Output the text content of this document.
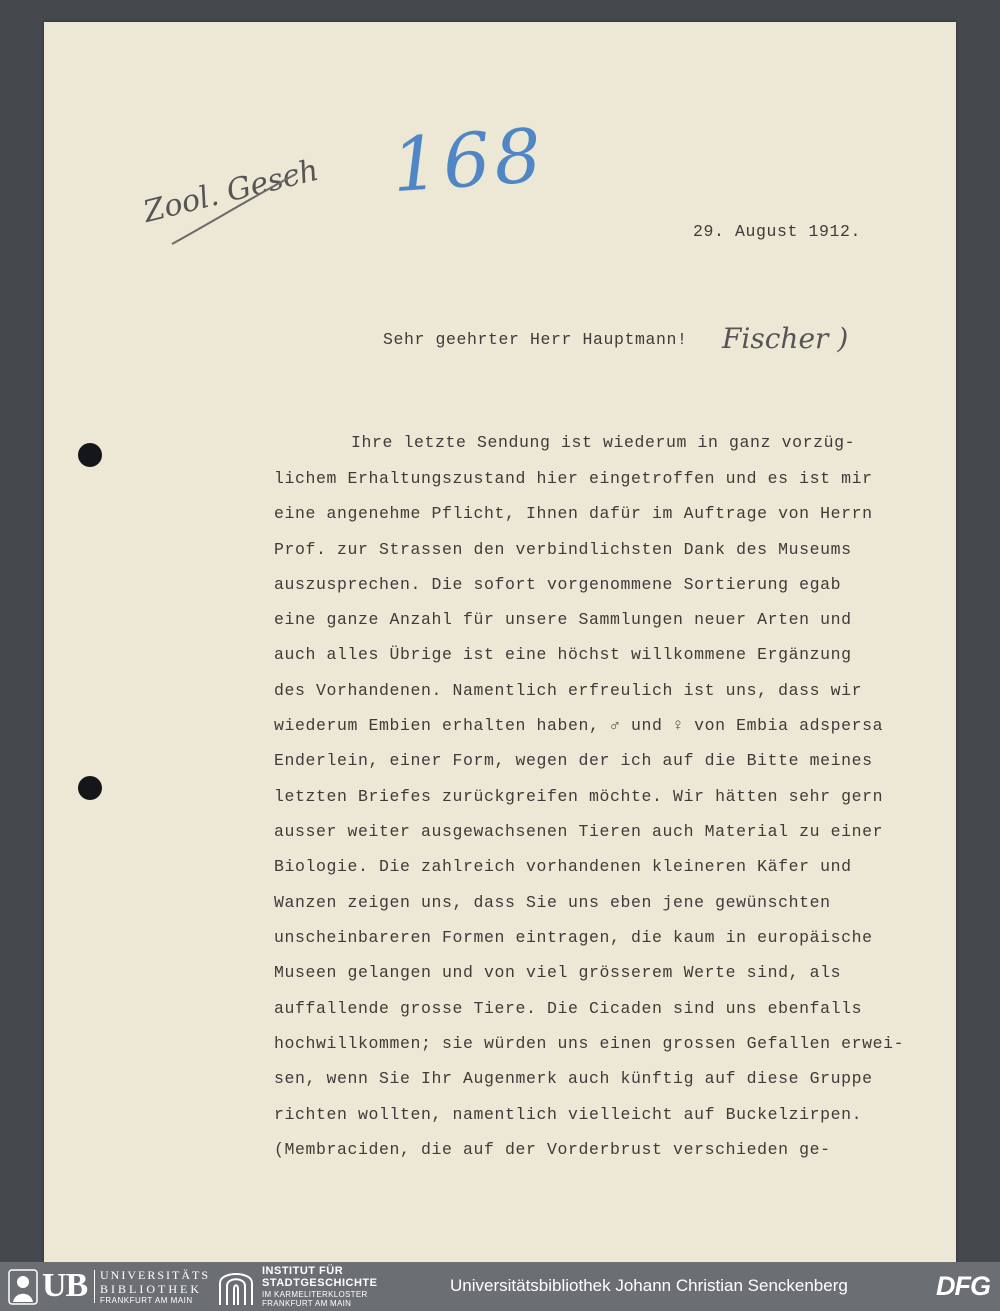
Zool. Gesch 168

29. August 1912.

Sehr geehrter Herr Hauptmann! Fischer )

Ihre letzte Sendung ist wiederum in ganz vorzüg-

lichem Erhaltungszustand hier eingetroffen und es ist mir

eine angenehme Pflicht, Ihnen dafür im Auftrage von Herrn

Prof. zur Strassen den verbindlichsten Dank des Museums

auszusprechen. Die sofort vorgenommene Sortierung egab

eine ganze Anzahl für unsere Sammlungen neuer Arten und

auch alles Übrige ist eine höchst willkommene Ergänzung

des Vorhandenen. Namentlich erfreulich ist uns, dass wir

wiederum Embien erhalten haben, ♂ und ♀ von Embia adspersa

Enderlein, einer Form, wegen der ich auf die Bitte meines

letzten Briefes zurückgreifen möchte. Wir hätten sehr gern

ausser weiter ausgewachsenen Tieren auch Material zu einer

Biologie. Die zahlreich vorhandenen kleineren Käfer und

Wanzen zeigen uns, dass Sie uns eben jene gewünschten

unscheinbareren Formen eintragen, die kaum in europäische

Museen gelangen und von viel grösserem Werte sind, als

auffallende grosse Tiere. Die Cicaden sind uns ebenfalls

hochwillkommen; sie würden uns einen grossen Gefallen erwei-

sen, wenn Sie Ihr Augenmerk auch künftig auf diese Gruppe

richten wollten, namentlich vielleicht auf Buckelzirpen.

(Membraciden, die auf der Vorderbrust verschieden ge-

UB UNIVERSITÄTS

BIBLIOTHEK

FRANKFURT AM MAIN

INSTITUT FÜR

STADTGESCHICHTE

IM KARMELITERKLOSTER

FRANKFURT AM MAIN

Universitätsbibliothek Johann Christian Senckenberg	DFG
